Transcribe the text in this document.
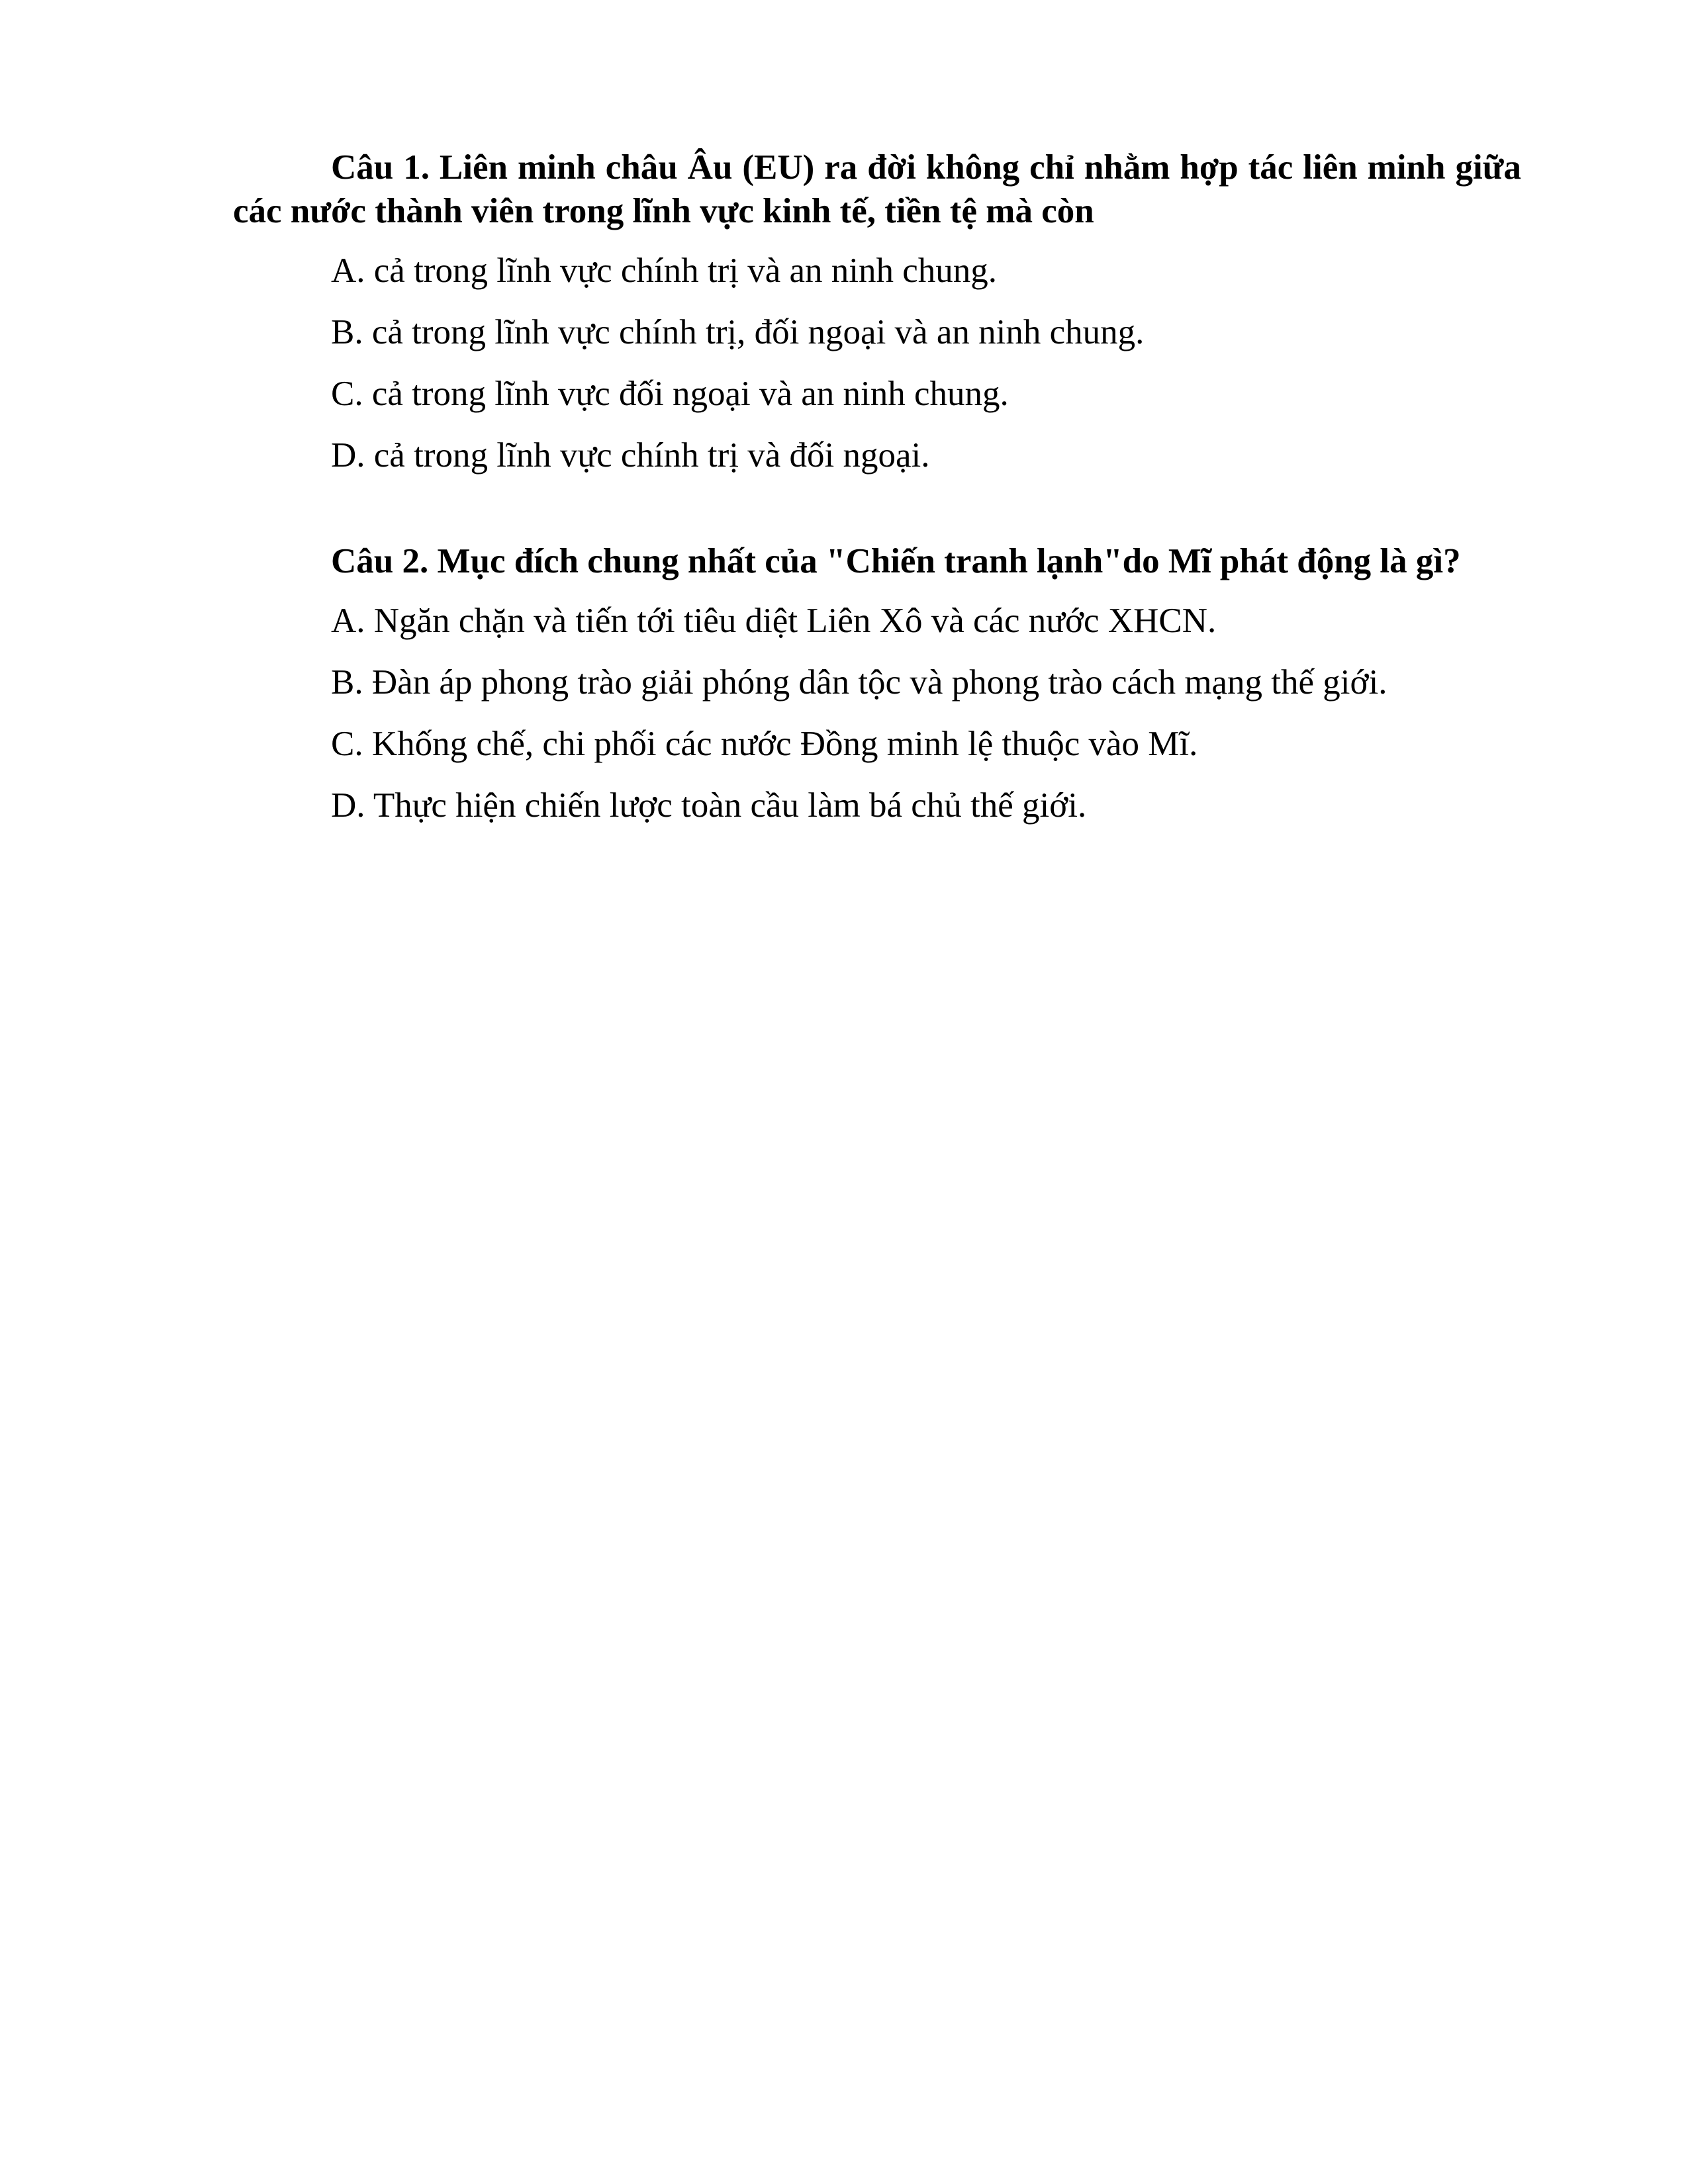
Câu 1. Liên minh châu Âu (EU) ra đời không chỉ nhằm hợp tác liên minh giữa các nước thành viên trong lĩnh vực kinh tế, tiền tệ mà còn

A. cả trong lĩnh vực chính trị và an ninh chung.
B. cả trong lĩnh vực chính trị, đối ngoại và an ninh chung.
C. cả trong lĩnh vực đối ngoại và an ninh chung.
D. cả trong lĩnh vực chính trị và đối ngoại.

Câu 2. Mục đích chung nhất của "Chiến tranh lạnh"do Mĩ phát động là gì?

A. Ngăn chặn và tiến tới tiêu diệt Liên Xô và các nước XHCN.
B. Đàn áp phong trào giải phóng dân tộc và phong trào cách mạng thế giới.
C. Khống chế, chi phối các nước Đồng minh lệ thuộc vào Mĩ.
D. Thực hiện chiến lược toàn cầu làm bá chủ thế giới.
